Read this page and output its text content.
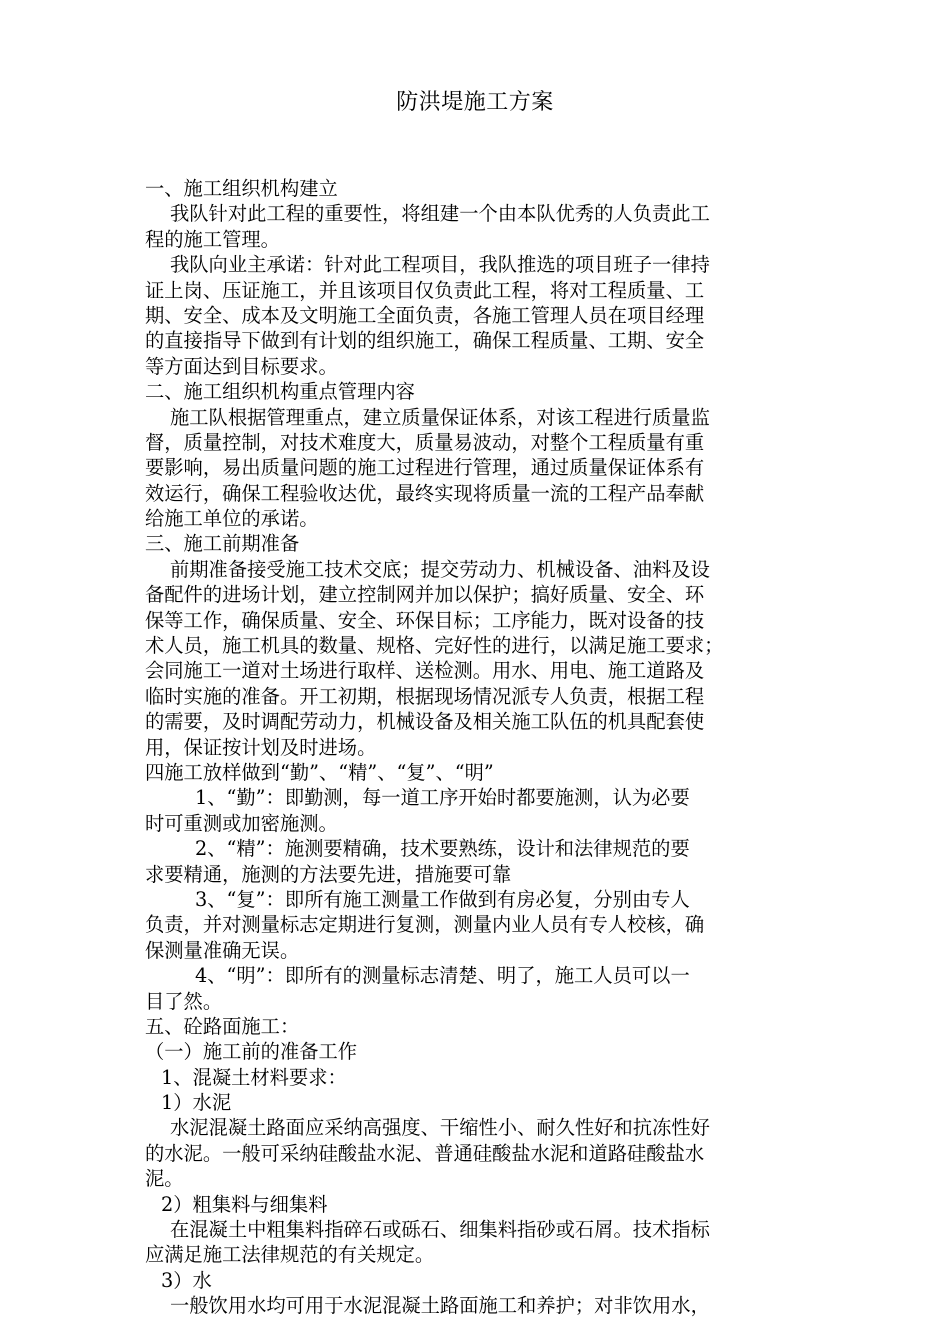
防洪堤施工方案
一、施工组织机构建立
我队针对此工程的重要性，将组建一个由本队优秀的人负责此工
程的施工管理。
我队向业主承诺：针对此工程项目，我队推选的项目班子一律持
证上岗、压证施工，并且该项目仅负责此工程，将对工程质量、工
期、安全、成本及文明施工全面负责，各施工管理人员在项目经理
的直接指导下做到有计划的组织施工，确保工程质量、工期、安全
等方面达到目标要求。
二、施工组织机构重点管理内容
施工队根据管理重点，建立质量保证体系，对该工程进行质量监
督，质量控制，对技术难度大，质量易波动，对整个工程质量有重
要影响，易出质量问题的施工过程进行管理，通过质量保证体系有
效运行，确保工程验收达优，最终实现将质量一流的工程产品奉献
给施工单位的承诺。
三、施工前期准备
前期准备接受施工技术交底；提交劳动力、机械设备、油料及设
备配件的进场计划，建立控制网并加以保护；搞好质量、安全、环
保等工作，确保质量、安全、环保目标；工序能力，既对设备的技
术人员，施工机具的数量、规格、完好性的进行，以满足施工要求；
会同施工一道对土场进行取样、送检测。用水、用电、施工道路及
临时实施的准备。开工初期，根据现场情况派专人负责，根据工程
的需要，及时调配劳动力，机械设备及相关施工队伍的机具配套使
用，保证按计划及时进场。
四施工放样做到“勤”、“精”、“复”、“明”
1、“勤”：即勤测，每一道工序开始时都要施测，认为必要
时可重测或加密施测。
2、“精”：施测要精确，技术要熟练，设计和法律规范的要
求要精通，施测的方法要先进，措施要可靠
3、“复”：即所有施工测量工作做到有房必复，分别由专人
负责，并对测量标志定期进行复测，测量内业人员有专人校核，确
保测量准确无误。
4、“明”：即所有的测量标志清楚、明了，施工人员可以一
目了然。
五、砼路面施工：
（一）施工前的准备工作
1、混凝土材料要求：
1）水泥
水泥混凝土路面应采纳高强度、干缩性小、耐久性好和抗冻性好
的水泥。一般可采纳硅酸盐水泥、普通硅酸盐水泥和道路硅酸盐水
泥。
2）粗集料与细集料
在混凝土中粗集料指碎石或砾石、细集料指砂或石屑。技术指标
应满足施工法律规范的有关规定。
3）水
一般饮用水均可用于水泥混凝土路面施工和养护；对非饮用水，
